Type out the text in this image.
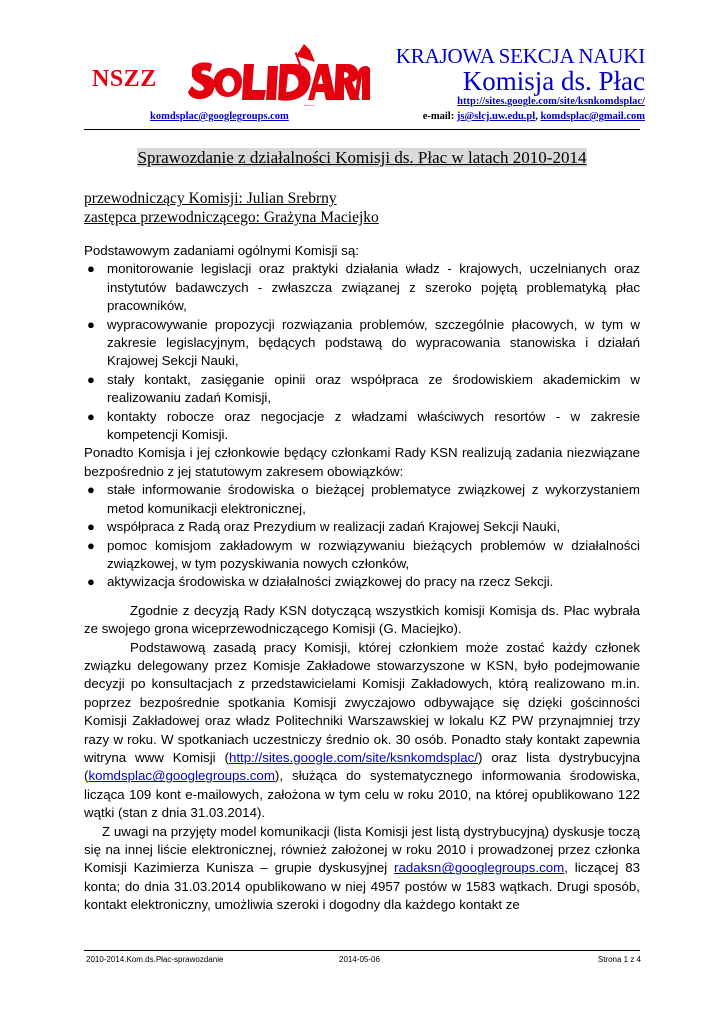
NSZZ
Solidarność
KRAJOWA SEKCJA NAUKI
Komisja ds. Płac
http://sites.google.com/site/ksnkomdsplac/
komdsplac@googlegroups.com	e-mail: js@slcj.uw.edu.pl, komdsplac@gmail.com
Sprawozdanie z działalności Komisji ds. Płac w latach 2010-2014
przewodniczący Komisji: Julian Srebrny
zastępca przewodniczącego: Grażyna Maciejko

Podstawowym zadaniami ogólnymi Komisji są:

● monitorowanie legislacji oraz praktyki działania władz - krajowych, uczelnianych oraz instytutów badawczych - zwłaszcza związanej z szeroko pojętą problematyką płac pracowników,
● wypracowywanie propozycji rozwiązania problemów, szczególnie płacowych, w tym w zakresie legislacyjnym, będących podstawą do wypracowania stanowiska i działań Krajowej Sekcji Nauki,
● stały kontakt, zasięganie opinii oraz współpraca ze środowiskiem akademickim w realizowaniu zadań Komisji,
● kontakty robocze oraz negocjacje z władzami właściwych resortów - w zakresie kompetencji Komisji.

Ponadto Komisja i jej członkowie będący członkami Rady KSN realizują zadania niezwiązane bezpośrednio z jej statutowym zakresem obowiązków:

● stałe informowanie środowiska o bieżącej problematyce związkowej z wykorzystaniem metod komunikacji elektronicznej,
● współpraca z Radą oraz Prezydium w realizacji zadań Krajowej Sekcji Nauki,
● pomoc komisjom zakładowym w rozwiązywaniu bieżących problemów w działalności związkowej, w tym pozyskiwania nowych członków,
● aktywizacja środowiska w działalności związkowej do pracy na rzecz Sekcji.

Zgodnie z decyzją Rady KSN dotyczącą wszystkich komisji Komisja ds. Płac wybrała ze swojego grona wiceprzewodniczącego Komisji (G. Maciejko).

Podstawową zasadą pracy Komisji, której członkiem może zostać każdy członek związku delegowany przez Komisje Zakładowe stowarzyszone w KSN, było podejmowanie decyzji po konsultacjach z przedstawicielami Komisji Zakładowych, którą realizowano m.in. poprzez bezpośrednie spotkania Komisji zwyczajowo odbywające się dzięki gościnności Komisji Zakładowej oraz władz Politechniki Warszawskiej w lokalu KZ PW przynajmniej trzy razy w roku. W spotkaniach uczestniczy średnio ok. 30 osób. Ponadto stały kontakt zapewnia witryna www Komisji (http://sites.google.com/site/ksnkomdsplac/) oraz lista dystrybucyjna (komdsplac@googlegroups.com), służąca do systematycznego informowania środowiska, licząca 109 kont e-mailowych, założona w tym celu w roku 2010, na której opublikowano 122 wątki (stan z dnia 31.03.2014).

Z uwagi na przyjęty model komunikacji (lista Komisji jest listą dystrybucyjną) dyskusje toczą się na innej liście elektronicznej, również założonej w roku 2010 i prowadzonej przez członka Komisji Kazimierza Kunisza – grupie dyskusyjnej radaksn@googlegroups.com, liczącej 83 konta; do dnia 31.03.2014 opublikowano w niej 4957 postów w 1583 wątkach. Drugi sposób, kontakt elektroniczny, umożliwia szeroki i dogodny dla każdego kontakt ze

2010-2014.Kom.ds.Płac-sprawozdanie	2014-05-06	Strona 1 z 4
